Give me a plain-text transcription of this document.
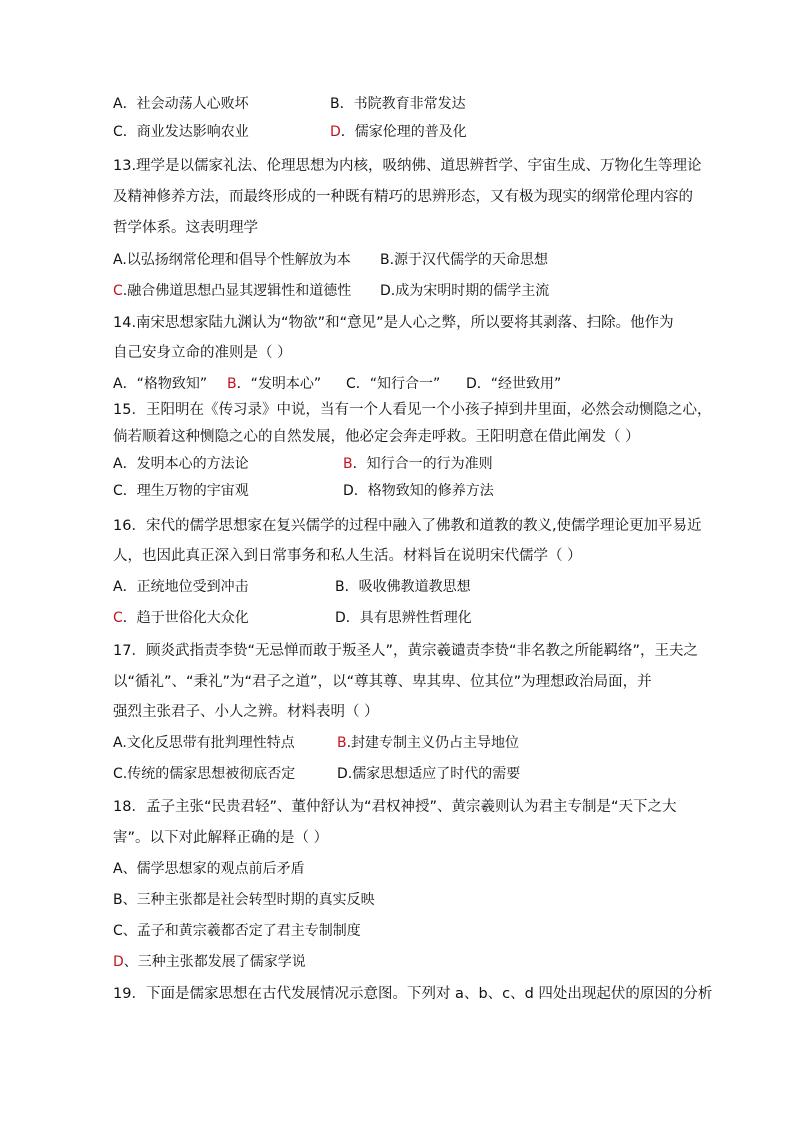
A．社会动荡人心败坏	B．书院教育非常发达
C．商业发达影响农业	D．儒家伦理的普及化
13.理学是以儒家礼法、伦理思想为内核，吸纳佛、道思辨哲学、宇宙生成、万物化生等理论
及精神修养方法，而最终形成的一种既有精巧的思辨形态，又有极为现实的纲常伦理内容的
哲学体系。这表明理学
A.以弘扬纲常伦理和倡导个性解放为本 B.源于汉代儒学的天命思想
C.融合佛道思想凸显其逻辑性和道德性 D.成为宋明时期的儒学主流
14.南宋思想家陆九渊认为“物欲”和“意见”是人心之弊，所以要将其剥落、扫除。他作为
自己安身立命的准则是（ ）
A．“格物致知” B．“发明本心” C．“知行合一” D．“经世致用”
15．王阳明在《传习录》中说，当有一个人看见一个小孩子掉到井里面，必然会动恻隐之心，
倘若顺着这种恻隐之心的自然发展，他必定会奔走呼救。王阳明意在借此阐发（ ）
A．发明本心的方法论	B．知行合一的行为准则
C．理生万物的宇宙观	D．格物致知的修养方法
16．宋代的儒学思想家在复兴儒学的过程中融入了佛教和道教的教义,使儒学理论更加平易近
人，也因此真正深入到日常事务和私人生活。材料旨在说明宋代儒学（ ）
A．正统地位受到冲击	B．吸收佛教道教思想
C．趋于世俗化大众化	D．具有思辨性哲理化
17．顾炎武指责李贽“无忌惮而敢于叛圣人”，黄宗羲谴责李贽“非名教之所能羁络”，王夫之
以“循礼”、“秉礼”为“君子之道”，以“尊其尊、卑其卑、位其位”为理想政治局面，并
强烈主张君子、小人之辨。材料表明（ ）
A.文化反思带有批判理性特点	B.封建专制主义仍占主导地位
C.传统的儒家思想被彻底否定	D.儒家思想适应了时代的需要
18．孟子主张“民贵君轻”、董仲舒认为“君权神授”、黄宗羲则认为君主专制是“天下之大
害”。以下对此解释正确的是（ ）
A、儒学思想家的观点前后矛盾
B、三种主张都是社会转型时期的真实反映
C、孟子和黄宗羲都否定了君主专制制度
D、三种主张都发展了儒家学说
19．下面是儒家思想在古代发展情况示意图。下列对 a、b、c、d 四处出现起伏的原因的分析
